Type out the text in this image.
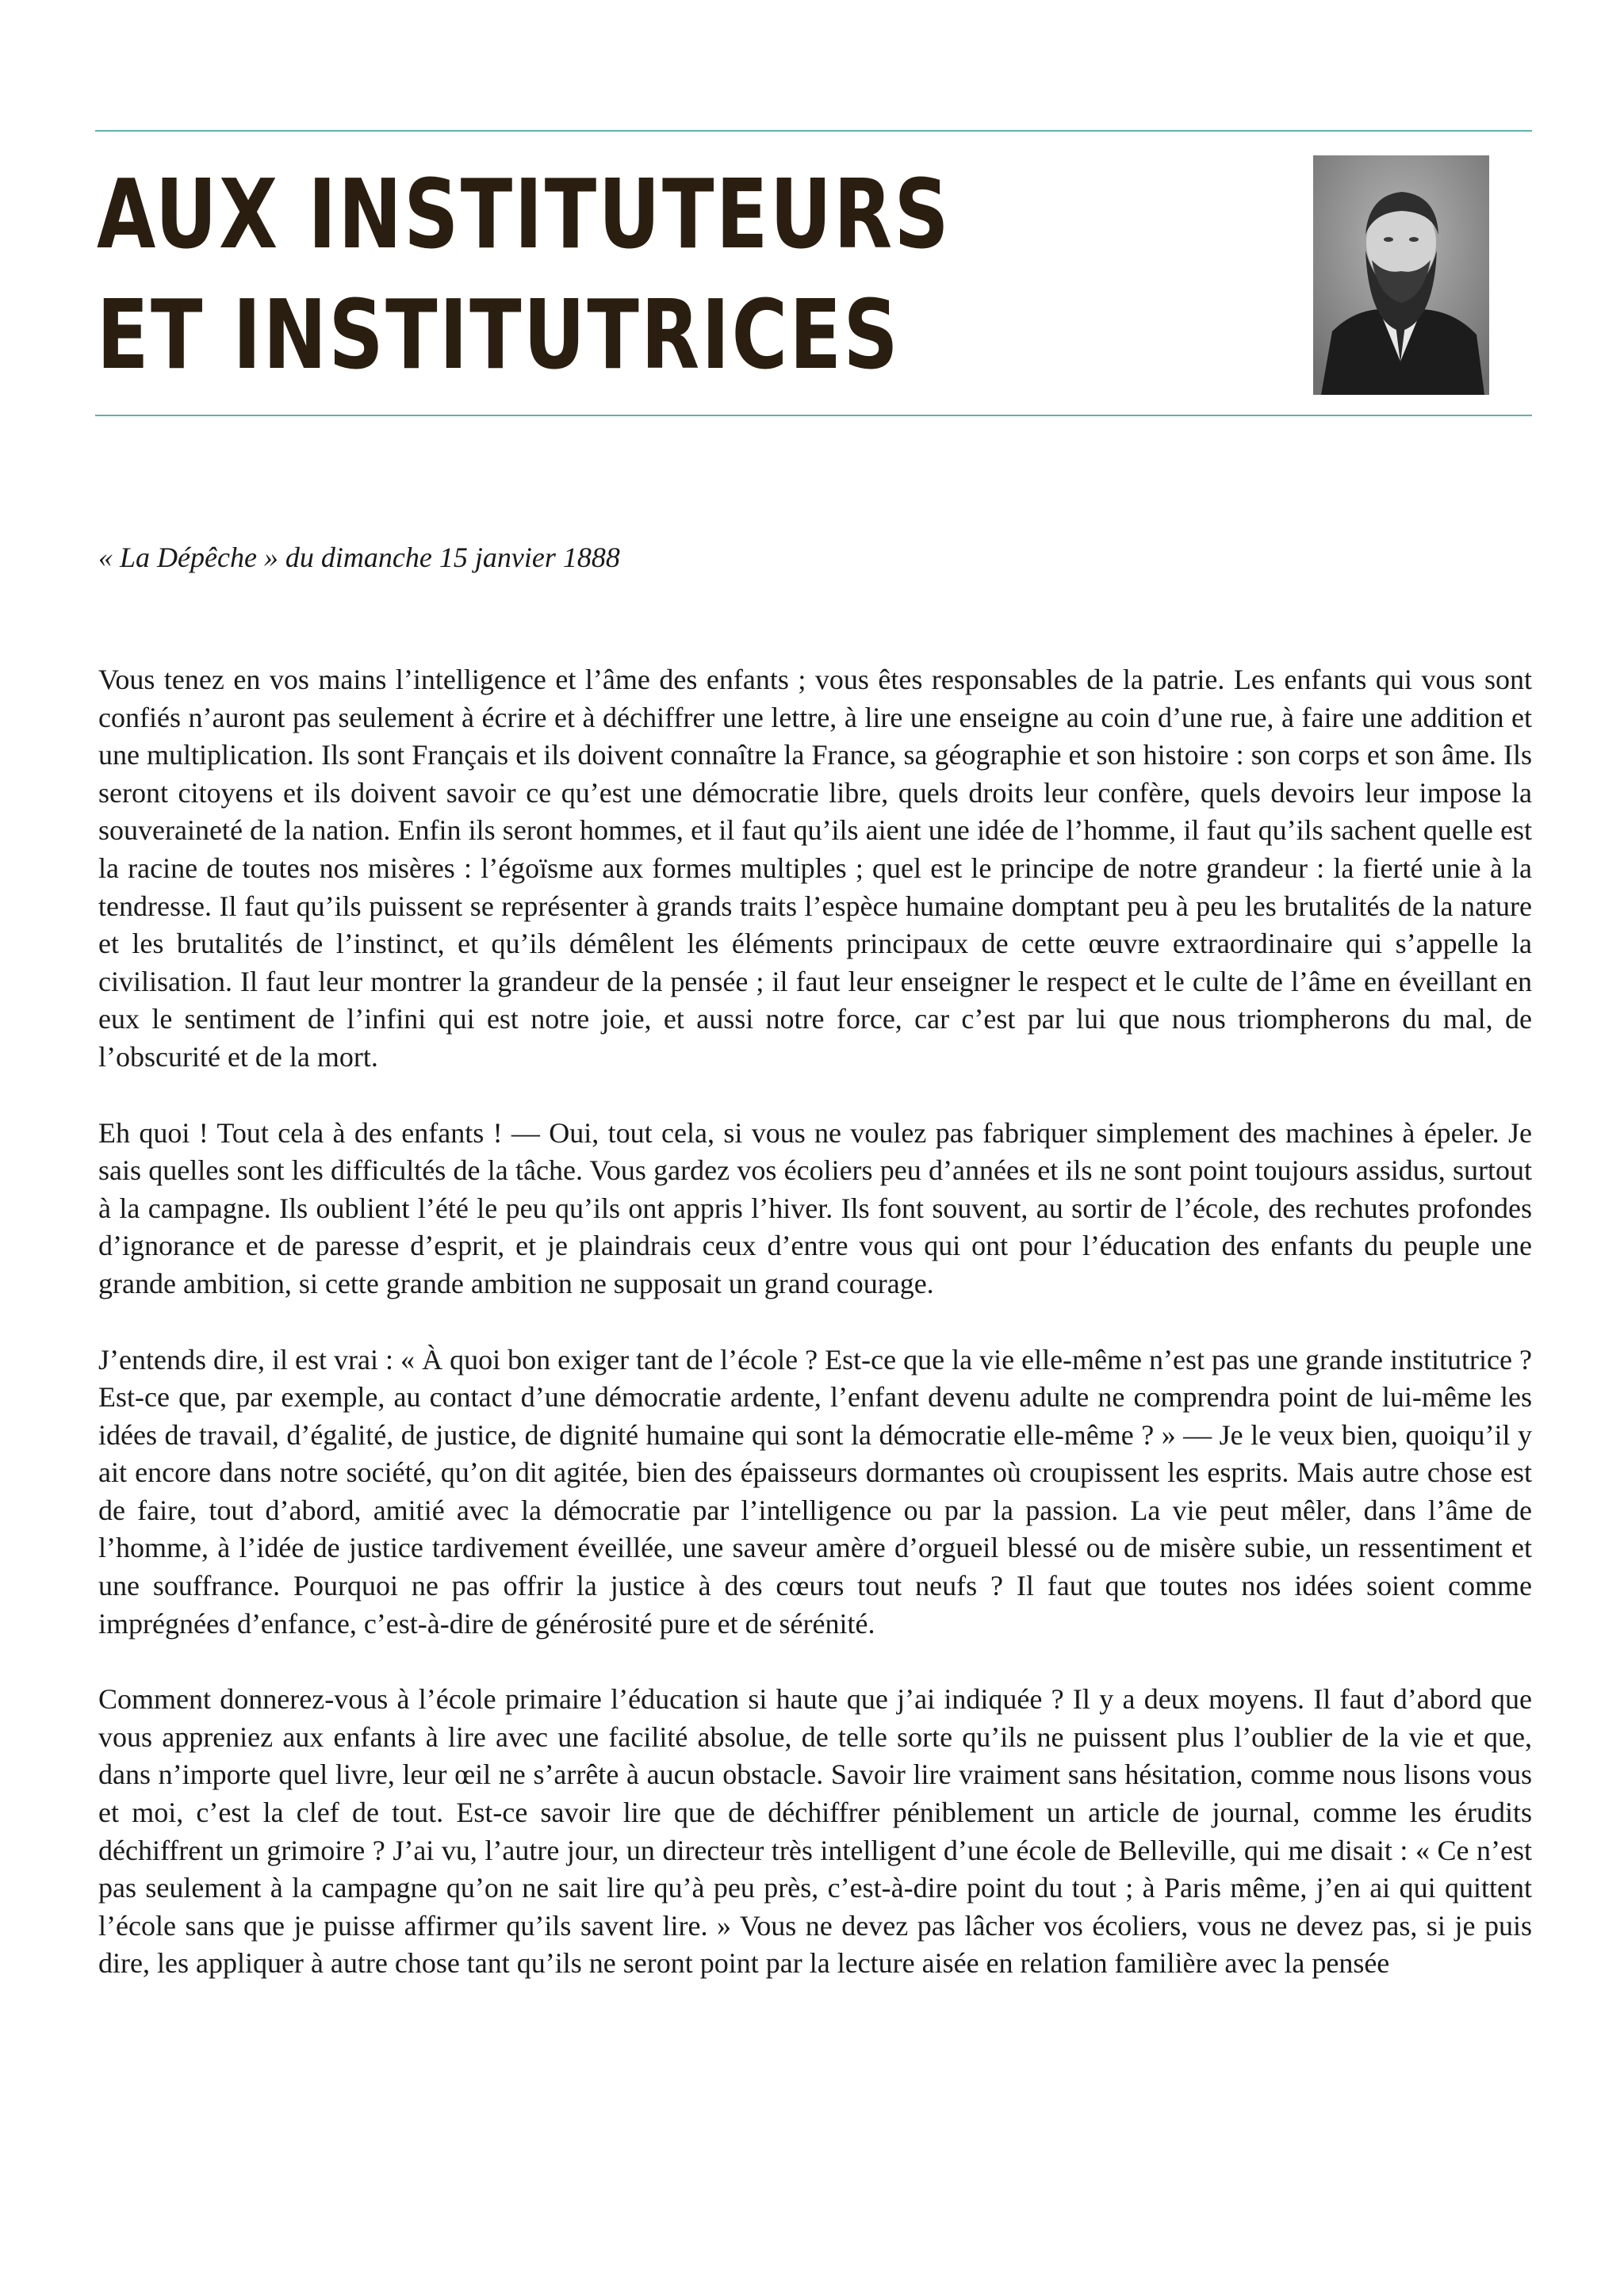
AUX INSTITUTEURS ET INSTITUTRICES
« La Dépêche » du dimanche 15 janvier 1888

Vous tenez en vos mains l’intelligence et l’âme des enfants ; vous êtes responsables de la patrie. Les enfants qui vous sont confiés n’auront pas seulement à écrire et à déchiffrer une lettre, à lire une enseigne au coin d’une rue, à faire une addition et une multiplication. Ils sont Français et ils doivent connaître la France, sa géographie et son histoire : son corps et son âme. Ils seront citoyens et ils doivent savoir ce qu’est une démocratie libre, quels droits leur confère, quels devoirs leur impose la souveraineté de la nation. Enfin ils seront hommes, et il faut qu’ils aient une idée de l’homme, il faut qu’ils sachent quelle est la racine de toutes nos misères : l’égoïsme aux formes multiples ; quel est le principe de notre grandeur : la fierté unie à la tendresse. Il faut qu’ils puissent se représenter à grands traits l’espèce humaine domptant peu à peu les brutalités de la nature et les brutalités de l’instinct, et qu’ils démêlent les éléments principaux de cette œuvre extraordinaire qui s’appelle la civilisation. Il faut leur montrer la grandeur de la pensée ; il faut leur enseigner le respect et le culte de l’âme en éveillant en eux le sentiment de l’infini qui est notre joie, et aussi notre force, car c’est par lui que nous triompherons du mal, de l’obscurité et de la mort.

Eh quoi ! Tout cela à des enfants ! — Oui, tout cela, si vous ne voulez pas fabriquer simplement des machines à épeler. Je sais quelles sont les difficultés de la tâche. Vous gardez vos écoliers peu d’années et ils ne sont point toujours assidus, surtout à la campagne. Ils oublient l’été le peu qu’ils ont appris l’hiver. Ils font souvent, au sortir de l’école, des rechutes profondes d’ignorance et de paresse d’esprit, et je plaindrais ceux d’entre vous qui ont pour l’éducation des enfants du peuple une grande ambition, si cette grande ambition ne supposait un grand courage.

J’entends dire, il est vrai : « À quoi bon exiger tant de l’école ? Est-ce que la vie elle-même n’est pas une grande institutrice ? Est-ce que, par exemple, au contact d’une démocratie ardente, l’enfant devenu adulte ne comprendra point de lui-même les idées de travail, d’égalité, de justice, de dignité humaine qui sont la démocratie elle-même ? » — Je le veux bien, quoiqu’il y ait encore dans notre société, qu’on dit agitée, bien des épaisseurs dormantes où croupissent les esprits. Mais autre chose est de faire, tout d’abord, amitié avec la démocratie par l’intelligence ou par la passion. La vie peut mêler, dans l’âme de l’homme, à l’idée de justice tardivement éveillée, une saveur amère d’orgueil blessé ou de misère subie, un ressentiment et une souffrance. Pourquoi ne pas offrir la justice à des cœurs tout neufs ? Il faut que toutes nos idées soient comme imprégnées d’enfance, c’est-à-dire de générosité pure et de sérénité.

Comment donnerez-vous à l’école primaire l’éducation si haute que j’ai indiquée ? Il y a deux moyens. Il faut d’abord que vous appreniez aux enfants à lire avec une facilité absolue, de telle sorte qu’ils ne puissent plus l’oublier de la vie et que, dans n’importe quel livre, leur œil ne s’arrête à aucun obstacle. Savoir lire vraiment sans hésitation, comme nous lisons vous et moi, c’est la clef de tout. Est-ce savoir lire que de déchiffrer péniblement un article de journal, comme les érudits déchiffrent un grimoire ? J’ai vu, l’autre jour, un directeur très intelligent d’une école de Belleville, qui me disait : « Ce n’est pas seulement à la campagne qu’on ne sait lire qu’à peu près, c’est-à-dire point du tout ; à Paris même, j’en ai qui quittent l’école sans que je puisse affirmer qu’ils savent lire. » Vous ne devez pas lâcher vos écoliers, vous ne devez pas, si je puis dire, les appliquer à autre chose tant qu’ils ne seront point par la lecture aisée en relation familière avec la pensée
